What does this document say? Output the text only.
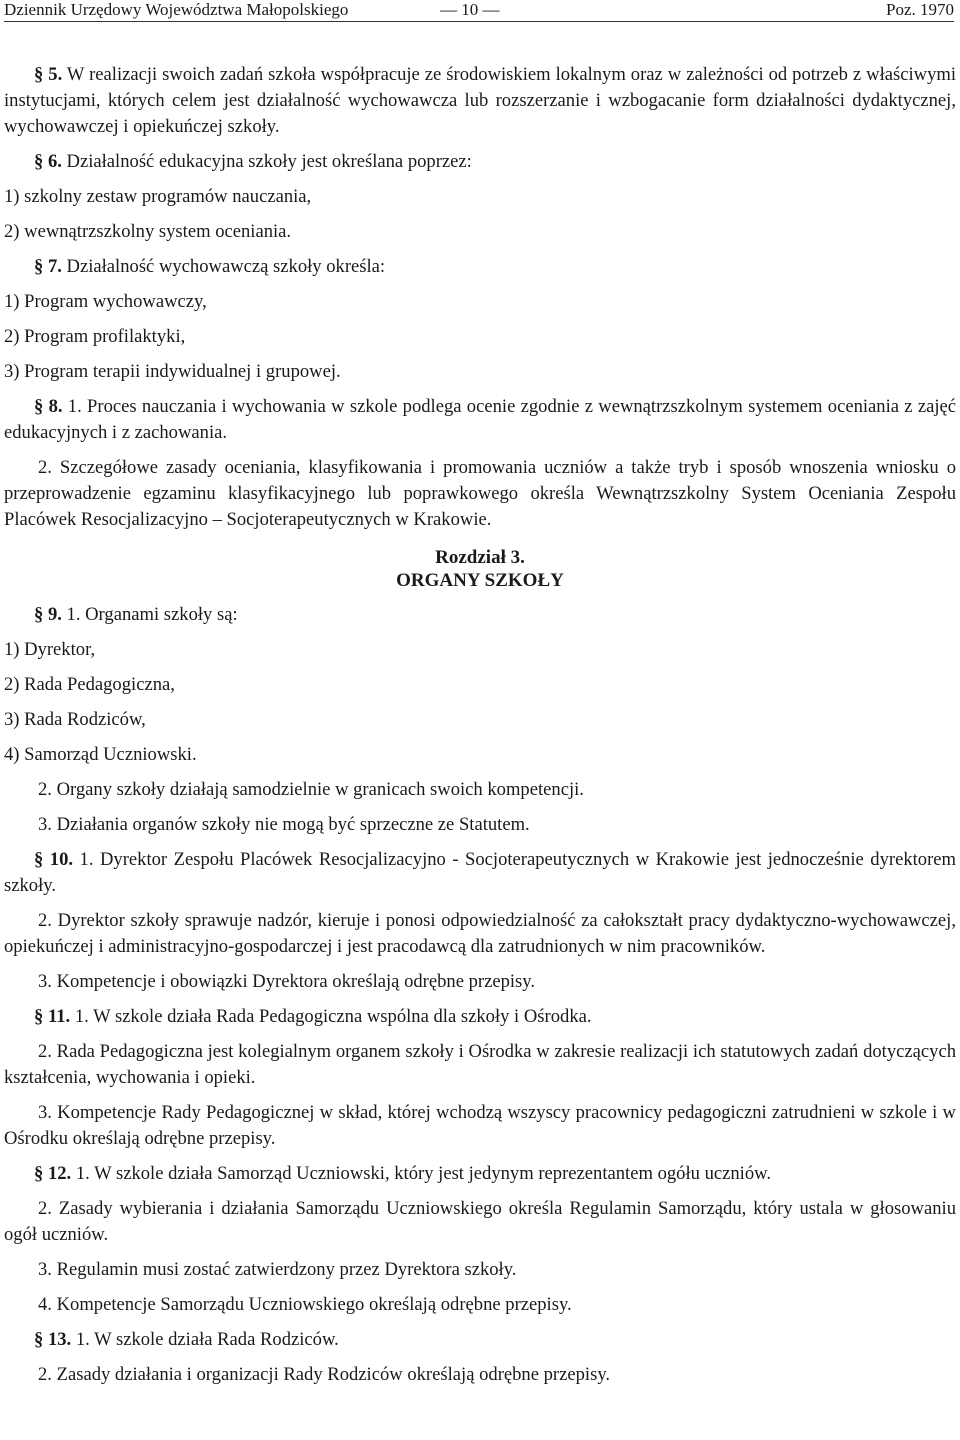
Dziennik Urzędowy Województwa Małopolskiego	— 10 —	Poz. 1970

§ 5. W realizacji swoich zadań szkoła współpracuje ze środowiskiem lokalnym oraz w zależności od potrzeb z właściwymi instytucjami, których celem jest działalność wychowawcza lub rozszerzanie i wzbogacanie form działalności dydaktycznej, wychowawczej i opiekuńczej szkoły.

§ 6. Działalność edukacyjna szkoły jest określana poprzez:

1) szkolny zestaw programów nauczania,

2) wewnątrzszkolny system oceniania.

§ 7. Działalność wychowawczą szkoły określa:

1) Program wychowawczy,

2) Program profilaktyki,

3) Program terapii indywidualnej i grupowej.

§ 8. 1. Proces nauczania i wychowania w szkole podlega ocenie zgodnie z wewnątrzszkolnym systemem oceniania z zajęć edukacyjnych i z zachowania.

2. Szczegółowe zasady oceniania, klasyfikowania i promowania uczniów a także tryb i sposób wnoszenia wniosku o przeprowadzenie egzaminu klasyfikacyjnego lub poprawkowego określa Wewnątrzszkolny System Oceniania Zespołu Placówek Resocjalizacyjno – Socjoterapeutycznych w Krakowie.

Rozdział 3.

ORGANY SZKOŁY

§ 9. 1. Organami szkoły są:

1) Dyrektor,

2) Rada Pedagogiczna,

3) Rada Rodziców,

4) Samorząd Uczniowski.

2. Organy szkoły działają samodzielnie w granicach swoich kompetencji.

3. Działania organów szkoły nie mogą być sprzeczne ze Statutem.

§ 10. 1. Dyrektor Zespołu Placówek Resocjalizacyjno - Socjoterapeutycznych w Krakowie jest jednocześnie dyrektorem szkoły.

2. Dyrektor szkoły sprawuje nadzór, kieruje i ponosi odpowiedzialność za całokształt pracy dydaktyczno-wychowawczej, opiekuńczej i administracyjno-gospodarczej i jest pracodawcą dla zatrudnionych w nim pracowników.

3. Kompetencje i obowiązki Dyrektora określają odrębne przepisy.

§ 11. 1. W szkole działa Rada Pedagogiczna wspólna dla szkoły i Ośrodka.

2. Rada Pedagogiczna jest kolegialnym organem szkoły i Ośrodka w zakresie realizacji ich statutowych zadań dotyczących kształcenia, wychowania i opieki.

3. Kompetencje Rady Pedagogicznej w skład, której wchodzą wszyscy pracownicy pedagogiczni zatrudnieni w szkole i w Ośrodku określają odrębne przepisy.

§ 12. 1. W szkole działa Samorząd Uczniowski, który jest jedynym reprezentantem ogółu uczniów.

2. Zasady wybierania i działania Samorządu Uczniowskiego określa Regulamin Samorządu, który ustala w głosowaniu ogół uczniów.

3. Regulamin musi zostać zatwierdzony przez Dyrektora szkoły.

4. Kompetencje Samorządu Uczniowskiego określają odrębne przepisy.

§ 13. 1. W szkole działa Rada Rodziców.

2. Zasady działania i organizacji Rady Rodziców określają odrębne przepisy.
